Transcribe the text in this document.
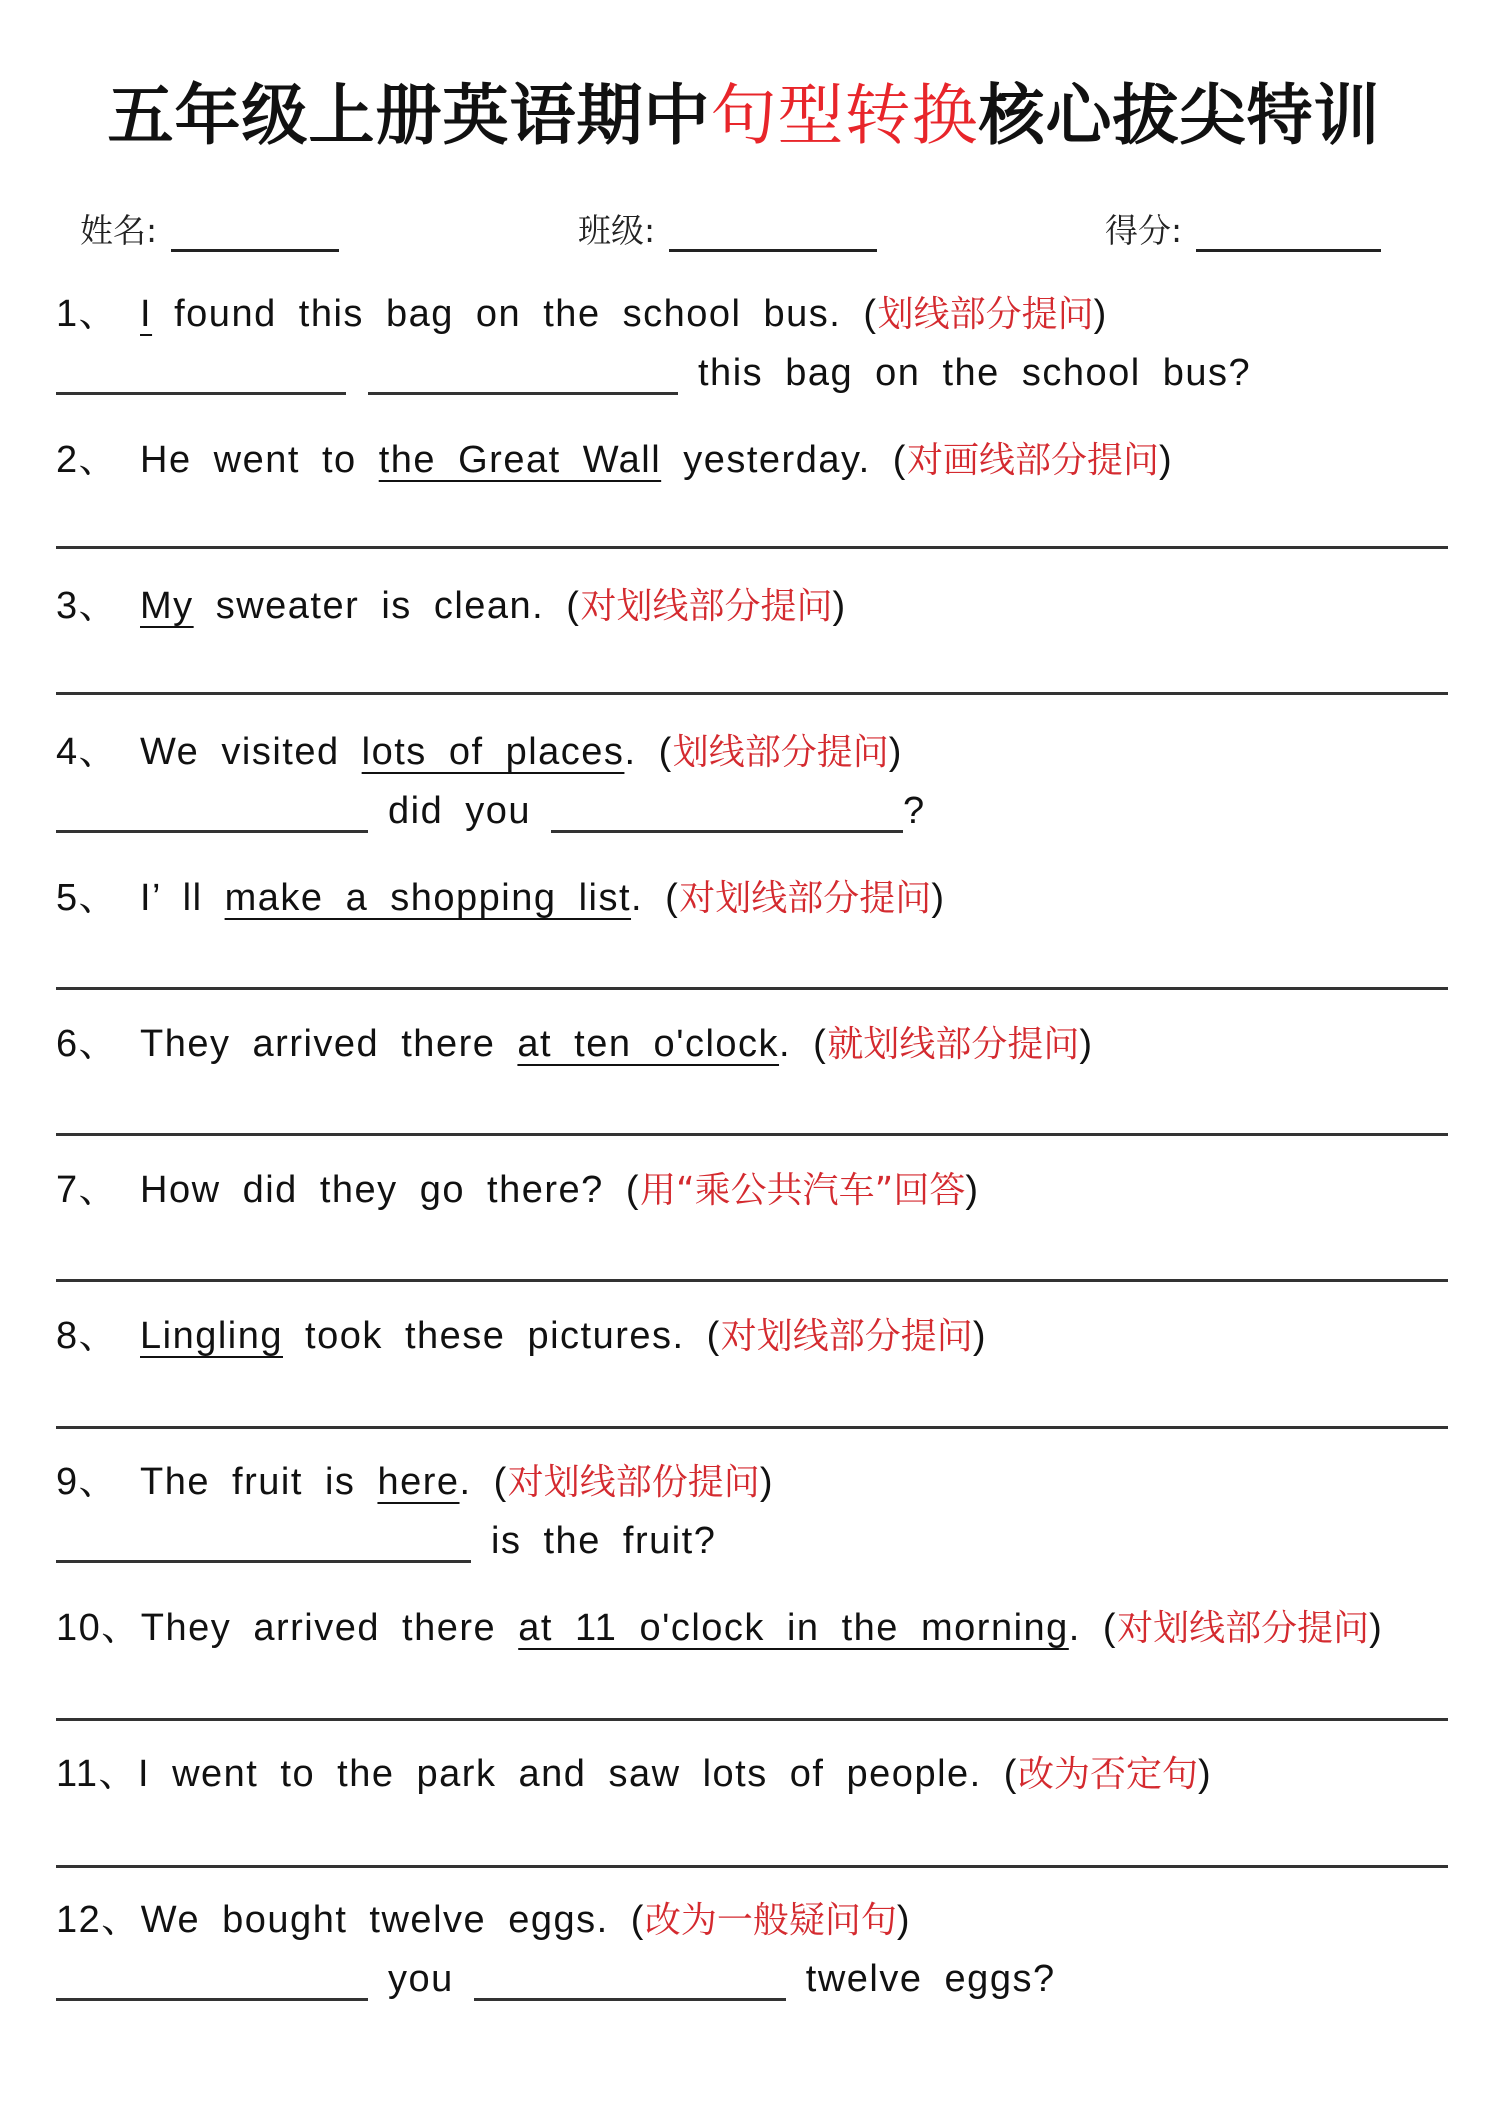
五年级上册英语期中句型转换核心拔尖特训
姓名:	班级:	得分:
1、 I found this bag on the school bus. (划线部分提问)
this bag on the school bus?
2、 He went to the Great Wall yesterday. (对画线部分提问)
3、 My sweater is clean. (对划线部分提问)
4、 We visited lots of places. (划线部分提问)
did you	?
5、 I’ ll make a shopping list. (对划线部分提问)
6、 They arrived there at ten o'clock. (就划线部分提问)
7、 How did they go there? (用“乘公共汽车”回答)
8、 Lingling took these pictures. (对划线部分提问)
9、 The fruit is here. (对划线部份提问)
is the fruit?
10、They arrived there at 11 o'clock in the morning. (对划线部分提问)
11、I went to the park and saw lots of people. (改为否定句)
12、We bought twelve eggs. (改为一般疑问句)
you	twelve eggs?
